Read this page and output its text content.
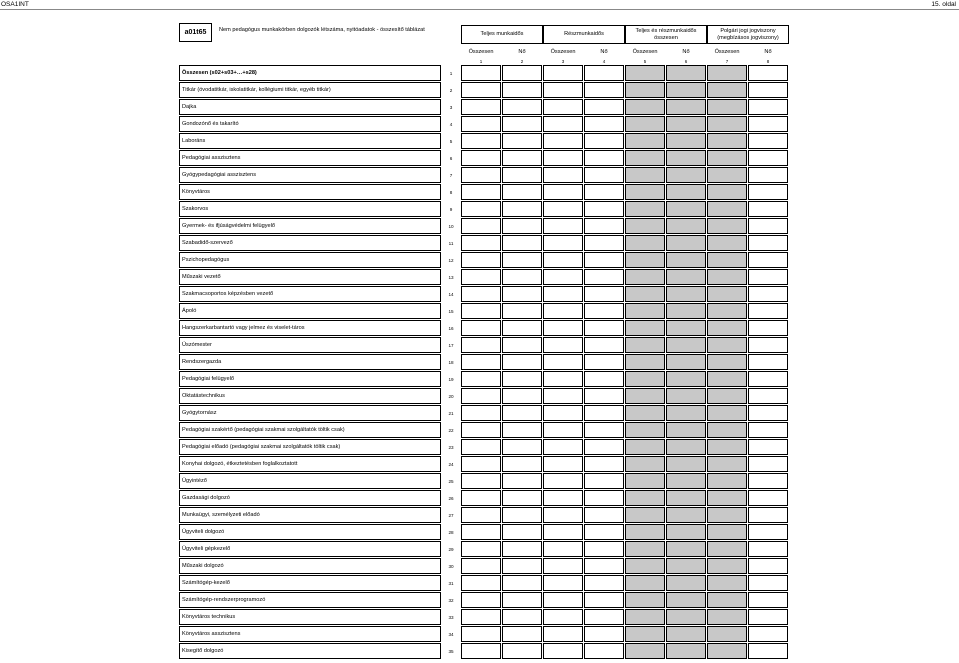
OSA1INT	15. oldal
a01t65	Nem pedagógus munkakörben dolgozók létszáma, nyitóadatok - összesítő táblázat
Teljes munkaidős	Részmunkaidős
Teljes és részmunkaidős összesen
Polgári jogi jogviszony (megbízásos jogviszony)
Összesen	Nő	Összesen	Nő	Összesen	Nő	Összesen	Nő
1	2	3	4	5	6	7	8
Összesen (s02+s03+…+s28)	1
Titkár (óvodatitkár, iskolatitkár, kollégiumi titkár, egyéb titkár)	2
Dajka	3
Gondozónő és takarító	4
Laboráns	5
Pedagógiai asszisztens	6
Gyógypedagógiai asszisztens	7
Könyvtáros	8
Szakorvos	9
Gyermek- és ifjúságvédelmi felügyelő	10
Szabadidő-szervező	11
Pszichopedagógus	12
Műszaki vezető	13
Szakmacsoportos képzésben vezető	14
Ápoló	15
Hangszerkarbantartó vagy jelmez és viselet-táros	16
Úszómester	17
Rendszergazda	18
Pedagógiai felügyelő	19
Oktatástechnikus	20
Gyógytornász	21
Pedagógiai szakértő (pedagógiai szakmai szolgáltatók töltik csak)	22
Pedagógiai előadó (pedagógiai szakmai szolgáltatók töltik csak)	23
Konyhai dolgozó, étkeztetésben foglalkoztatott	24
Ügyintéző	25
Gazdasági dolgozó	26
Munkaügyi, személyzeti előadó	27
Ügyviteli dolgozó	28
Ügyviteli gépkezelő	29
Műszaki dolgozó	30
Számítógép-kezelő	31
Számítógép-rendszerprogramozó	32
Könyvtáros technikus	33
Könyvtáros asszisztens	34
Kisegítő dolgozó	35
